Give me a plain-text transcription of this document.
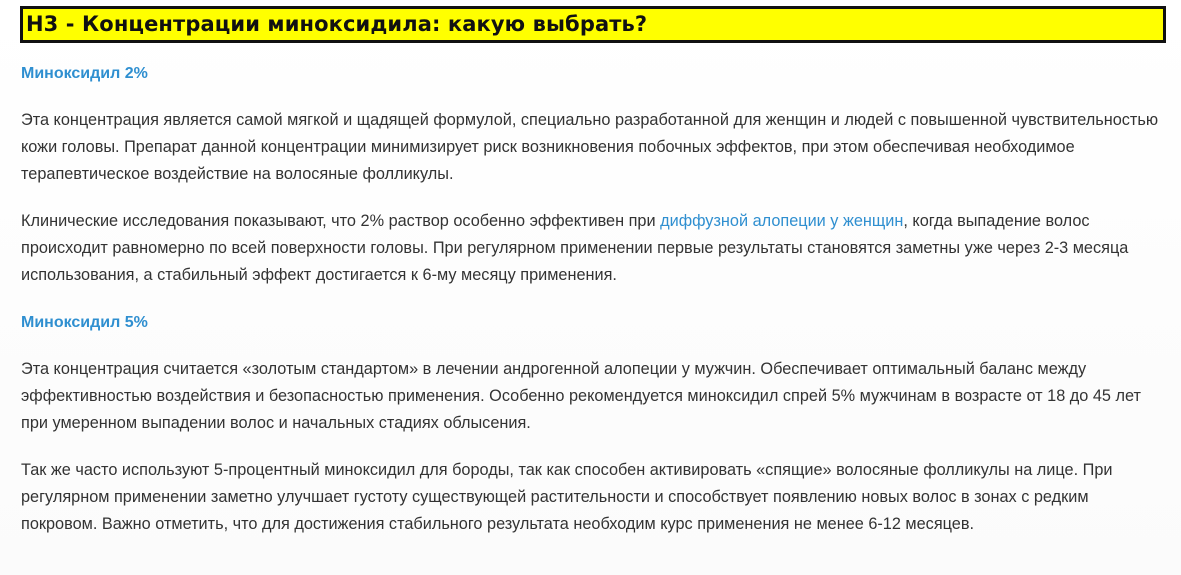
H3 - Концентрации миноксидила: какую выбрать?
Миноксидил 2%

Эта концентрация является самой мягкой и щадящей формулой, специально разработанной для женщин и людей с повышенной чувствительностью кожи головы. Препарат данной концентрации минимизирует риск возникновения побочных эффектов, при этом обеспечивая необходимое терапевтическое воздействие на волосяные фолликулы.

Клинические исследования показывают, что 2% раствор особенно эффективен при диффузной алопеции у женщин, когда выпадение волос происходит равномерно по всей поверхности головы. При регулярном применении первые результаты становятся заметны уже через 2-3 месяца использования, а стабильный эффект достигается к 6-му месяцу применения.

Миноксидил 5%

Эта концентрация считается «золотым стандартом» в лечении андрогенной алопеции у мужчин. Обеспечивает оптимальный баланс между эффективностью воздействия и безопасностью применения. Особенно рекомендуется миноксидил спрей 5% мужчинам в возрасте от 18 до 45 лет при умеренном выпадении волос и начальных стадиях облысения.

Так же часто используют 5-процентный миноксидил для бороды, так как способен активировать «спящие» волосяные фолликулы на лице. При регулярном применении заметно улучшает густоту существующей растительности и способствует появлению новых волос в зонах с редким покровом. Важно отметить, что для достижения стабильного результата необходим курс применения не менее 6-12 месяцев.
